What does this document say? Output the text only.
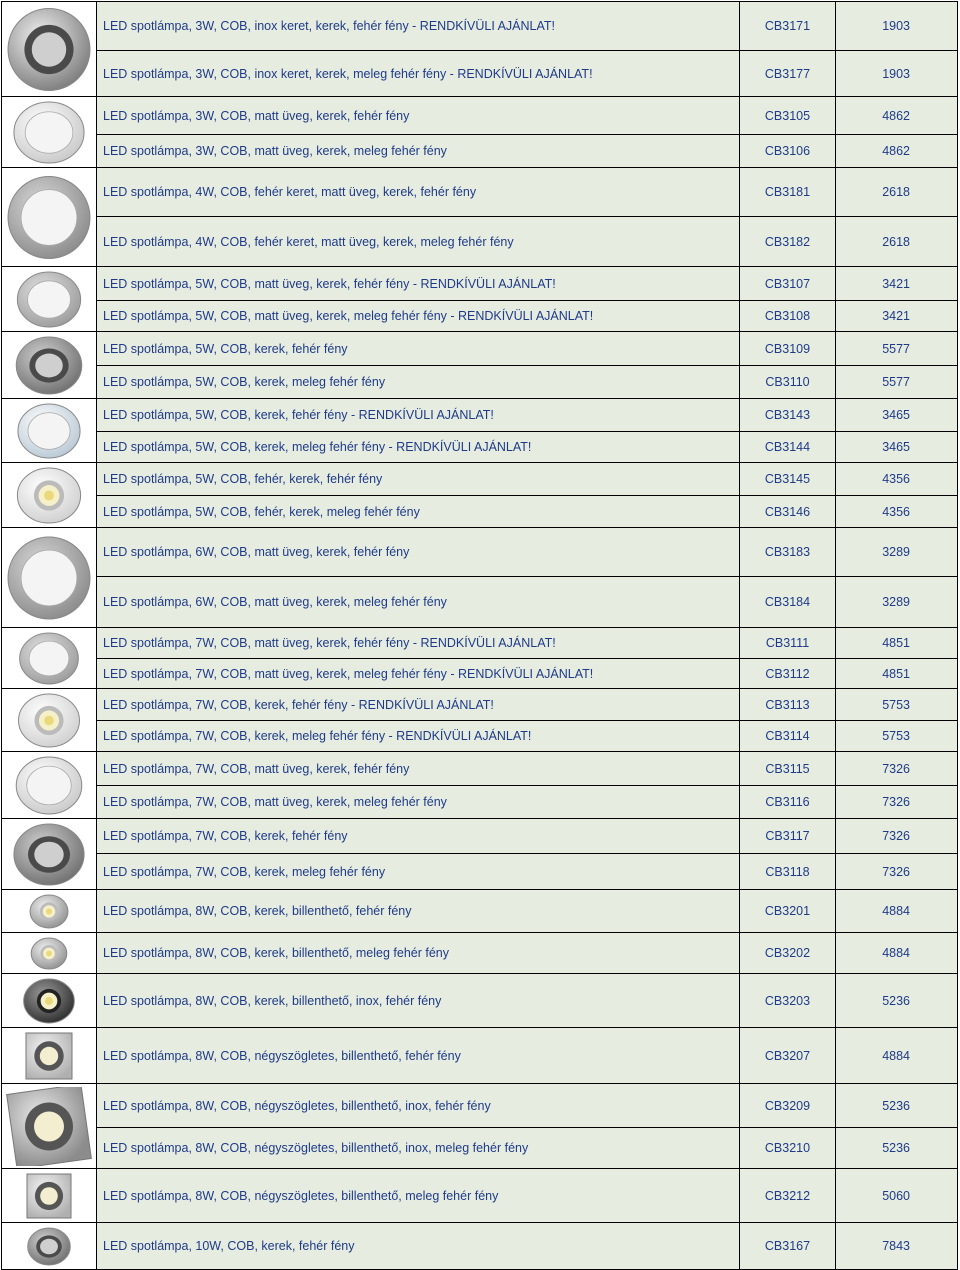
	LED spotlámpa, 3W, COB, inox keret, kerek, fehér fény - RENDKÍVÜLI AJÁNLAT!	CB3171	1903
	LED spotlámpa, 3W, COB, inox keret, kerek, meleg fehér fény - RENDKÍVÜLI AJÁNLAT!	CB3177	1903

	LED spotlámpa, 3W, COB, matt üveg, kerek, fehér fény	CB3105	4862
	LED spotlámpa, 3W, COB, matt üveg, kerek, meleg fehér fény	CB3106	4862

	LED spotlámpa, 4W, COB, fehér keret, matt üveg, kerek, fehér fény	CB3181	2618
	LED spotlámpa, 4W, COB, fehér keret, matt üveg, kerek, meleg fehér fény	CB3182	2618

	LED spotlámpa, 5W, COB, matt üveg, kerek, fehér fény - RENDKÍVÜLI AJÁNLAT!	CB3107	3421
	LED spotlámpa, 5W, COB, matt üveg, kerek, meleg fehér fény - RENDKÍVÜLI AJÁNLAT!	CB3108	3421

	LED spotlámpa, 5W, COB, kerek, fehér fény	CB3109	5577
	LED spotlámpa, 5W, COB, kerek, meleg fehér fény	CB3110	5577

	LED spotlámpa, 5W, COB, kerek, fehér fény - RENDKÍVÜLI AJÁNLAT!	CB3143	3465
	LED spotlámpa, 5W, COB, kerek, meleg fehér fény - RENDKÍVÜLI AJÁNLAT!	CB3144	3465

	LED spotlámpa, 5W, COB, fehér, kerek, fehér fény	CB3145	4356
	LED spotlámpa, 5W, COB, fehér, kerek, meleg fehér fény	CB3146	4356

	LED spotlámpa, 6W, COB, matt üveg, kerek, fehér fény	CB3183	3289
	LED spotlámpa, 6W, COB, matt üveg, kerek, meleg fehér fény	CB3184	3289

	LED spotlámpa, 7W, COB, matt üveg, kerek, fehér fény - RENDKÍVÜLI AJÁNLAT!	CB3111	4851
	LED spotlámpa, 7W, COB, matt üveg, kerek, meleg fehér fény - RENDKÍVÜLI AJÁNLAT!	CB3112	4851

	LED spotlámpa, 7W, COB, kerek, fehér fény - RENDKÍVÜLI AJÁNLAT!	CB3113	5753
	LED spotlámpa, 7W, COB, kerek, meleg fehér fény - RENDKÍVÜLI AJÁNLAT!	CB3114	5753

	LED spotlámpa, 7W, COB, matt üveg, kerek, fehér fény	CB3115	7326
	LED spotlámpa, 7W, COB, matt üveg, kerek, meleg fehér fény	CB3116	7326

	LED spotlámpa, 7W, COB, kerek, fehér fény	CB3117	7326
	LED spotlámpa, 7W, COB, kerek, meleg fehér fény	CB3118	7326

	LED spotlámpa, 8W, COB, kerek, billenthető, fehér fény	CB3201	4884

	LED spotlámpa, 8W, COB, kerek, billenthető, meleg fehér fény	CB3202	4884

	LED spotlámpa, 8W, COB, kerek, billenthető, inox, fehér fény	CB3203	5236

	LED spotlámpa, 8W, COB, négyszögletes, billenthető, fehér fény	CB3207	4884

	LED spotlámpa, 8W, COB, négyszögletes, billenthető, inox, fehér fény	CB3209	5236
	LED spotlámpa, 8W, COB, négyszögletes, billenthető, inox, meleg fehér fény	CB3210	5236

	LED spotlámpa, 8W, COB, négyszögletes, billenthető, meleg fehér fény	CB3212	5060

	LED spotlámpa, 10W, COB, kerek, fehér fény	CB3167	7843
